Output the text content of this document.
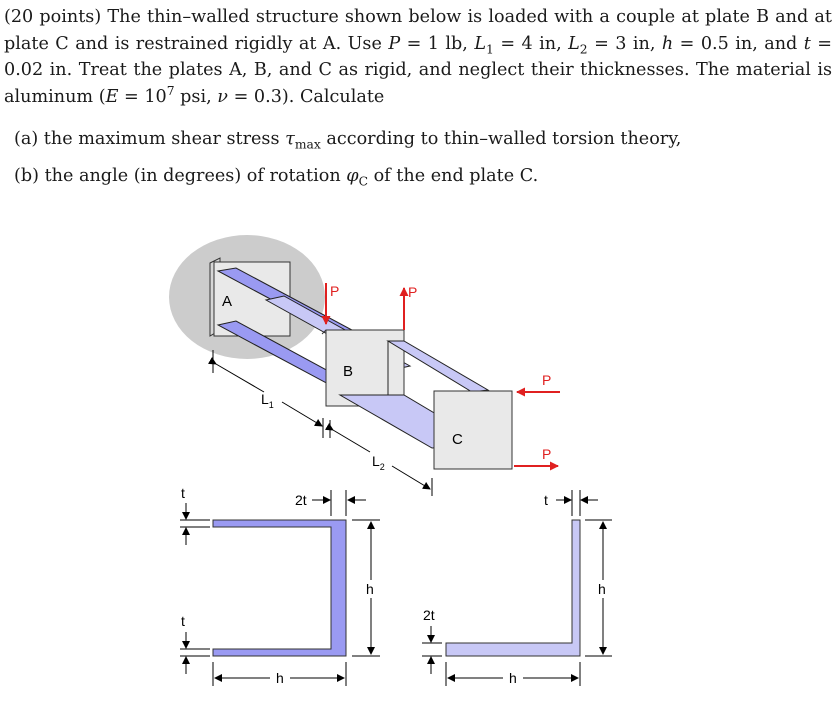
(20 points) The thin–walled structure shown below is loaded with a couple at plate B and at plate C and is restrained rigidly at A. Use P = 1 lb, $L_1 = 4$ in, $L_2 = 3$ in, h = 0.5 in, and t = 0.02 in. Treat the plates A, B, and C as rigid, and neglect their thicknesses. The material is aluminum ($E = 10^7$ psi, ν = 0.3). Calculate

(a) the maximum shear stress $\tau_{max}$ according to thin–walled torsion theory,
(b) the angle (in degrees) of rotation $\varphi_C$ of the end plate C.
A
B
C
P	P
P
P
$L_1$
$L_2$
2t
t
t
h
h
t
2t
h
h
